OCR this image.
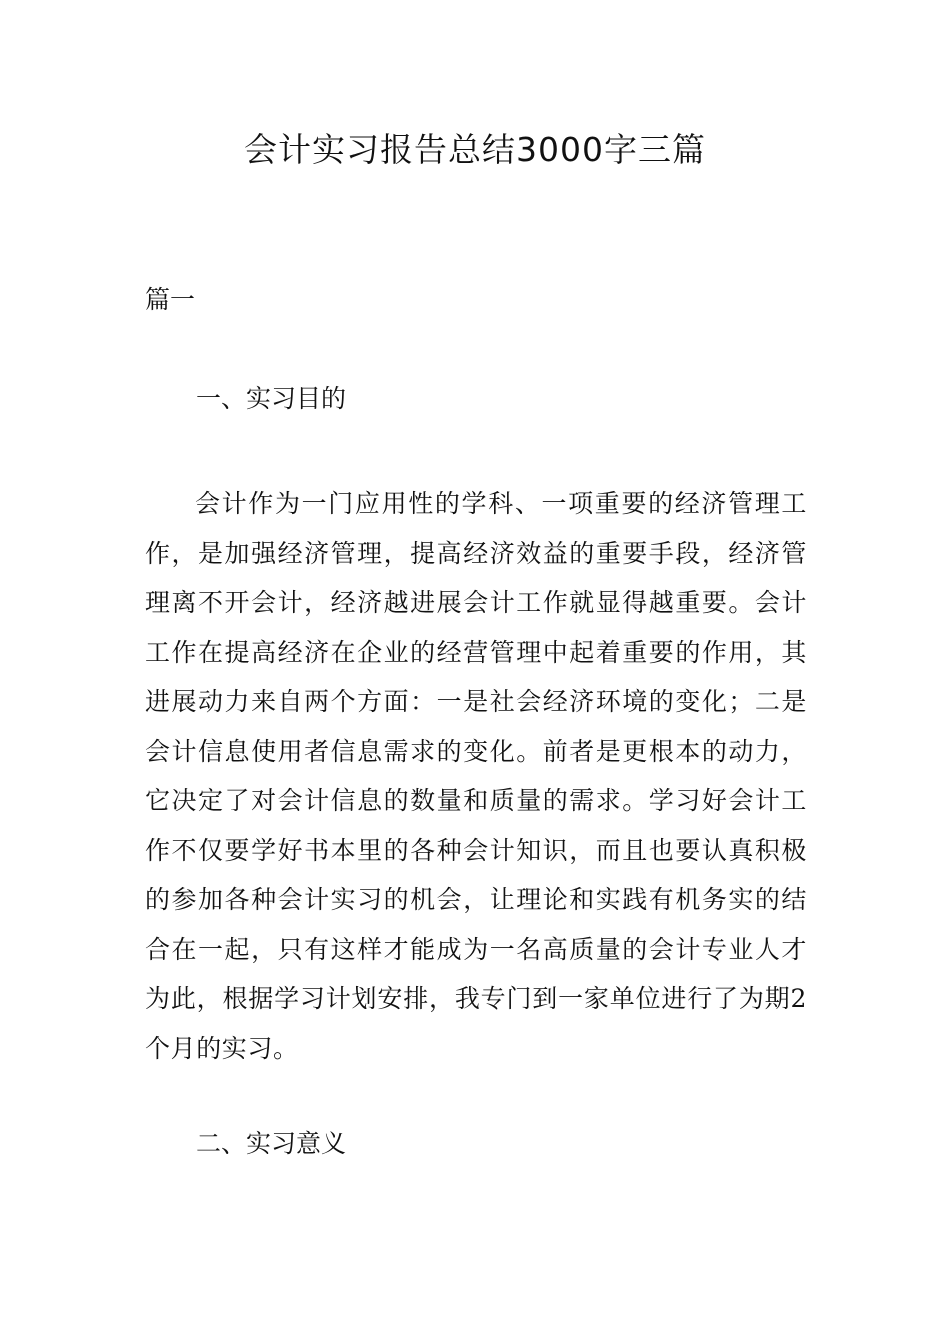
会计实习报告总结3000字三篇

篇一

一、实习目的

会计作为一门应用性的学科、一项重要的经济管理工作，是加强经济管理，提高经济效益的重要手段，经济管理离不开会计，经济越进展会计工作就显得越重要。会计工作在提高经济在企业的经营管理中起着重要的作用，其进展动力来自两个方面：一是社会经济环境的变化；二是会计信息使用者信息需求的变化。前者是更根本的动力，它决定了对会计信息的数量和质量的需求。学习好会计工作不仅要学好书本里的各种会计知识，而且也要认真积极的参加各种会计实习的机会，让理论和实践有机务实的结合在一起，只有这样才能成为一名高质量的会计专业人才为此，根据学习计划安排，我专门到一家单位进行了为期2个月的实习。

二、实习意义
